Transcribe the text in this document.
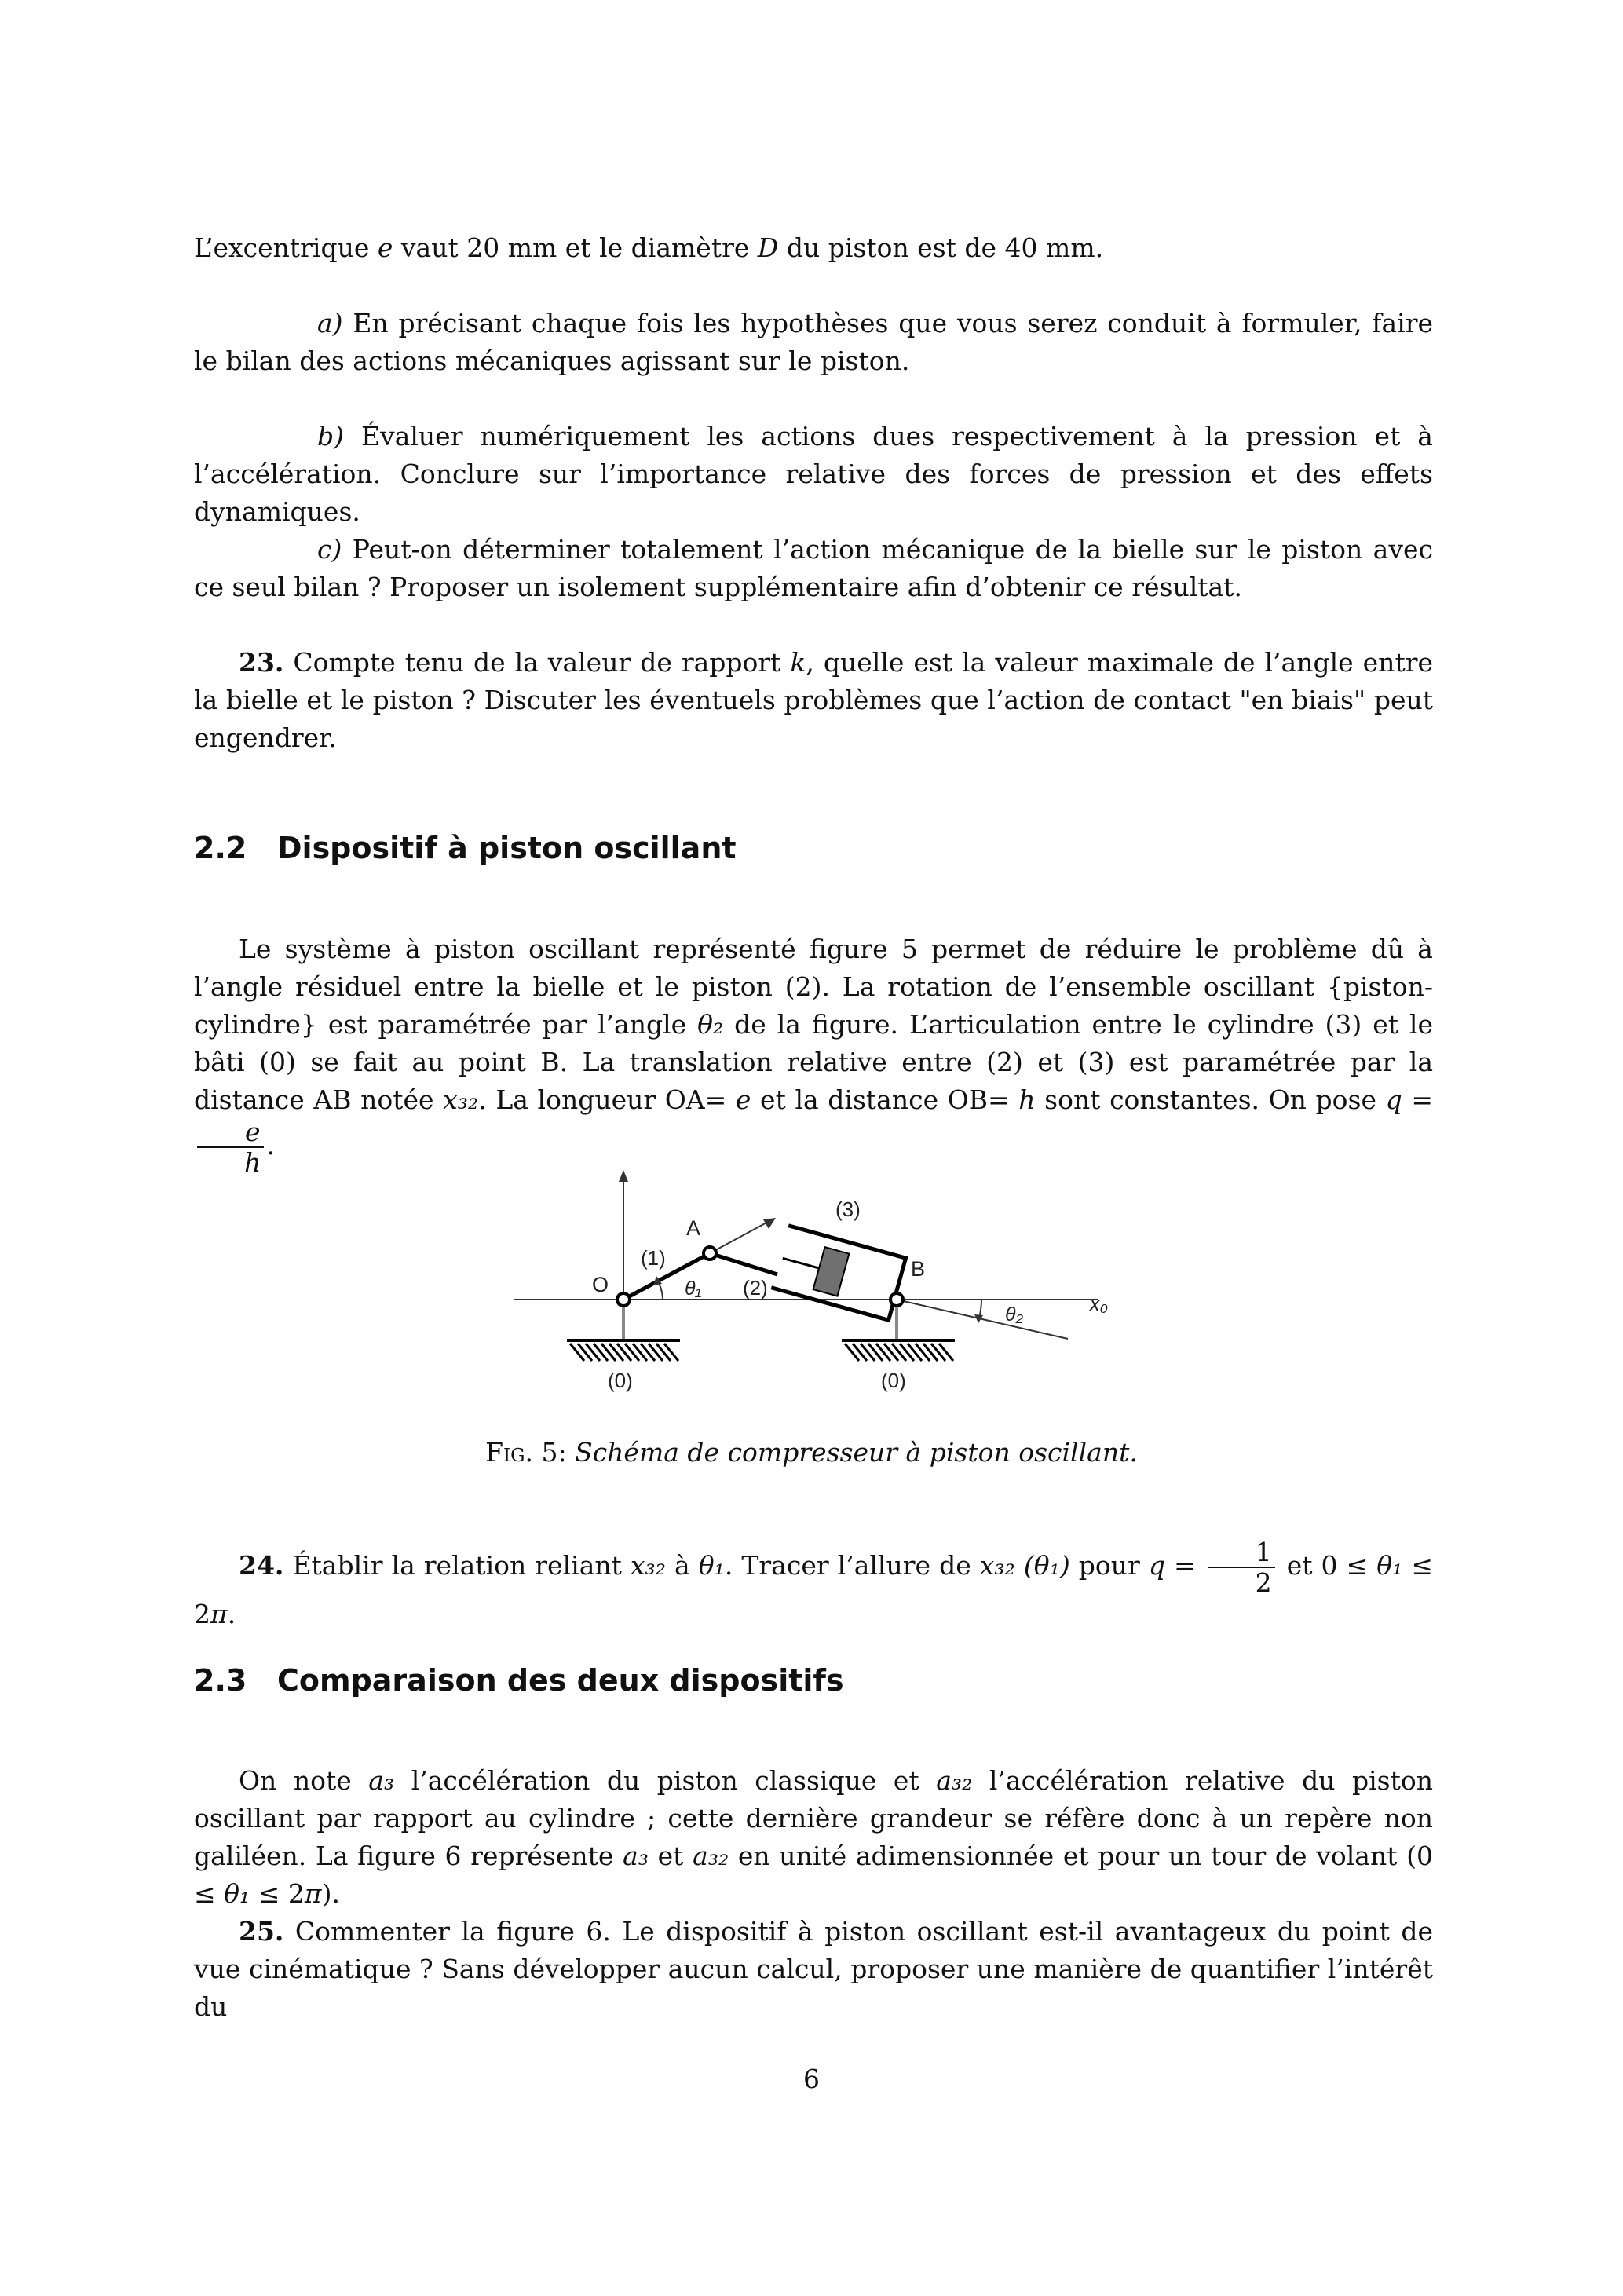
L’excentrique e vaut 20 mm et le diamètre D du piston est de 40 mm.
a) En précisant chaque fois les hypothèses que vous serez conduit à formuler, faire le bilan des actions mécaniques agissant sur le piston.
b) Évaluer numériquement les actions dues respectivement à la pression et à l’accélération. Conclure sur l’importance relative des forces de pression et des effets dynamiques.
c) Peut-on déterminer totalement l’action mécanique de la bielle sur le piston avec ce seul bilan ? Proposer un isolement supplémentaire afin d’obtenir ce résultat.
23. Compte tenu de la valeur de rapport k, quelle est la valeur maximale de l’angle entre la bielle et le piston ? Discuter les éventuels problèmes que l’action de contact "en biais" peut engendrer.
2.2 Dispositif à piston oscillant
Le système à piston oscillant représenté figure 5 permet de réduire le problème dû à l’angle résiduel entre la bielle et le piston (2). La rotation de l’ensemble oscillant {piston-cylindre} est paramétrée par l’angle θ₂ de la figure. L’articulation entre le cylindre (3) et le bâti (0) se fait au point B. La translation relative entre (2) et (3) est paramétrée par la distance AB notée x₃₂. La longueur OA= e et la distance OB= h sont constantes. On pose q =
$\frac{e}{h}$ .
O
A
B
(1)
(2)
(3)
θ₁
θ₂	x₀
(0)	(0)
Fig. 5: Schéma de compresseur à piston oscillant.
24. Établir la relation reliant x₃₂ à θ₁. Tracer l’allure de x₃₂ (θ₁) pour $q = \frac{1}{2}$ et 0 ≤ θ₁ ≤ 2π.
2.3 Comparaison des deux dispositifs
On note a₃ l’accélération du piston classique et a₃₂ l’accélération relative du piston oscillant par rapport au cylindre ; cette dernière grandeur se réfère donc à un repère non galiléen. La figure 6 représente a₃ et a₃₂ en unité adimensionnée et pour un tour de volant (0 ≤ θ₁ ≤ 2π).
25. Commenter la figure 6. Le dispositif à piston oscillant est-il avantageux du point de vue cinématique ? Sans développer aucun calcul, proposer une manière de quantifier l’intérêt du
6
